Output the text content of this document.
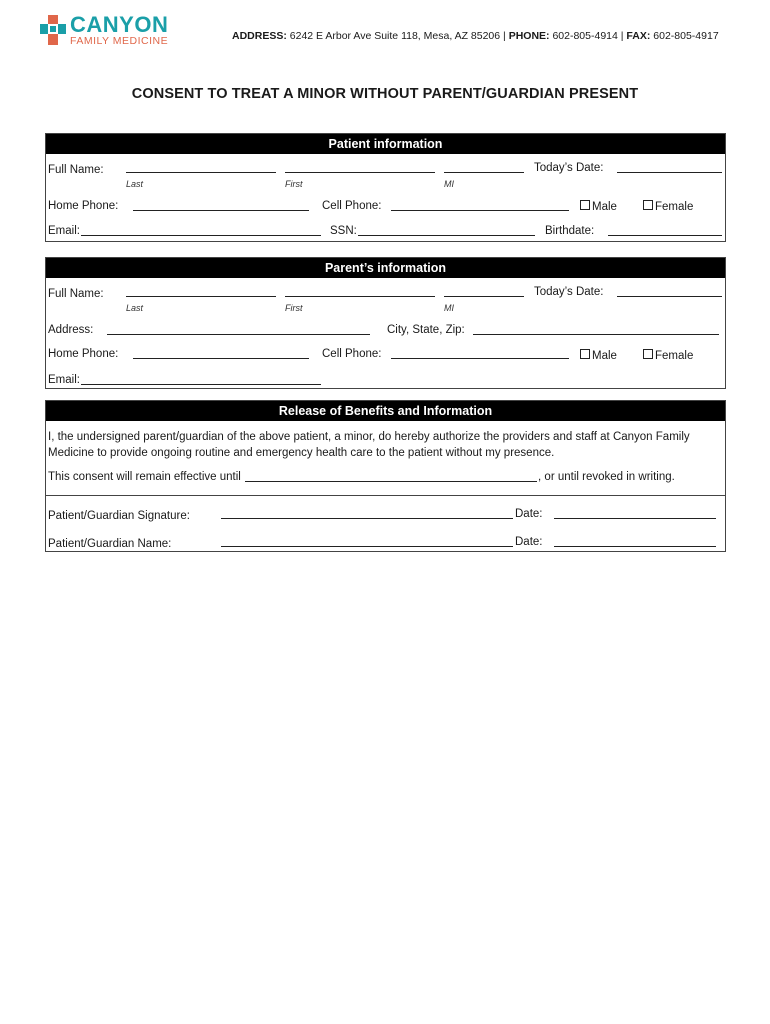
CANYON
FAMILY MEDICINE	ADDRESS: 6242 E Arbor Ave Suite 118, Mesa, AZ 85206 | PHONE: 602-805-4914 | FAX: 602-805-4917
CONSENT TO TREAT A MINOR WITHOUT PARENT/GUARDIAN PRESENT
Patient information
Full Name:
Last	First	MI
Today’s Date:
Home Phone:	Cell Phone:	Male	Female
Email:	SSN:	Birthdate:
Parent’s information
Full Name:
Last	First	MI
Today’s Date:
Address:	City, State, Zip:
Home Phone:	Cell Phone:	Male	Female
Email:
Release of Benefits and Information
I, the undersigned parent/guardian of the above patient, a minor, do hereby authorize the providers and staff at Canyon Family Medicine to provide ongoing routine and emergency health care to the patient without my presence.
This consent will remain effective until	, or until revoked in writing.
Patient/Guardian Signature:	Date:
Patient/Guardian Name:	Date:
